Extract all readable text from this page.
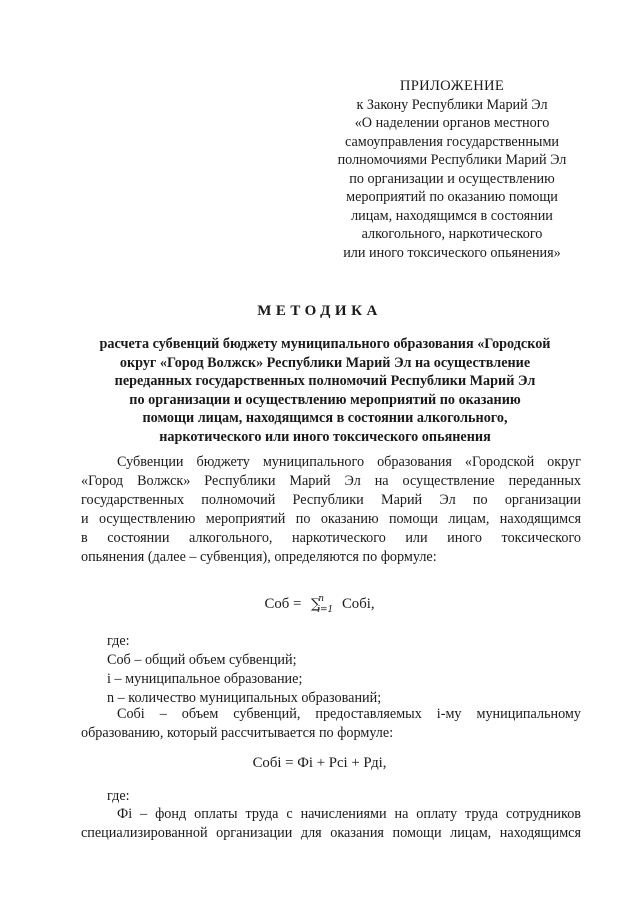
ПРИЛОЖЕНИЕ
к Закону Республики Марий Эл
«О наделении органов местного
самоуправления государственными
полномочиями Республики Марий Эл
по организации и осуществлению
мероприятий по оказанию помощи
лицам, находящимся в состоянии
алкогольного, наркотического
или иного токсического опьянения»
МЕТОДИКА
расчета субвенций бюджету муниципального образования «Городской
округ «Город Волжск» Республики Марий Эл на осуществление
переданных государственных полномочий Республики Марий Эл
по организации и осуществлению мероприятий по оказанию
помощи лицам, находящимся в состоянии алкогольного,
наркотического или иного токсического опьянения
Субвенции бюджету муниципального образования «Городской округ
«Город Волжск» Республики Марий Эл на осуществление переданных
государственных полномочий Республики Марий Эл по организации
и осуществлению мероприятий по оказанию помощи лицам, находящимся
в состоянии алкогольного, наркотического или иного токсического
опьянения (далее – субвенция), определяются по формуле:
Соб = ∑$^n_{i=1}$ Собi,
где:
Соб – общий объем субвенций;
i – муниципальное образование;
n – количество муниципальных образований;
Собi – объем субвенций, предоставляемых i-му муниципальному
образованию, который рассчитывается по формуле:
Собi = Фi + Рсi + Рдi,
где:
Фi – фонд оплаты труда с начислениями на оплату труда сотрудников
специализированной организации для оказания помощи лицам, находящимся
